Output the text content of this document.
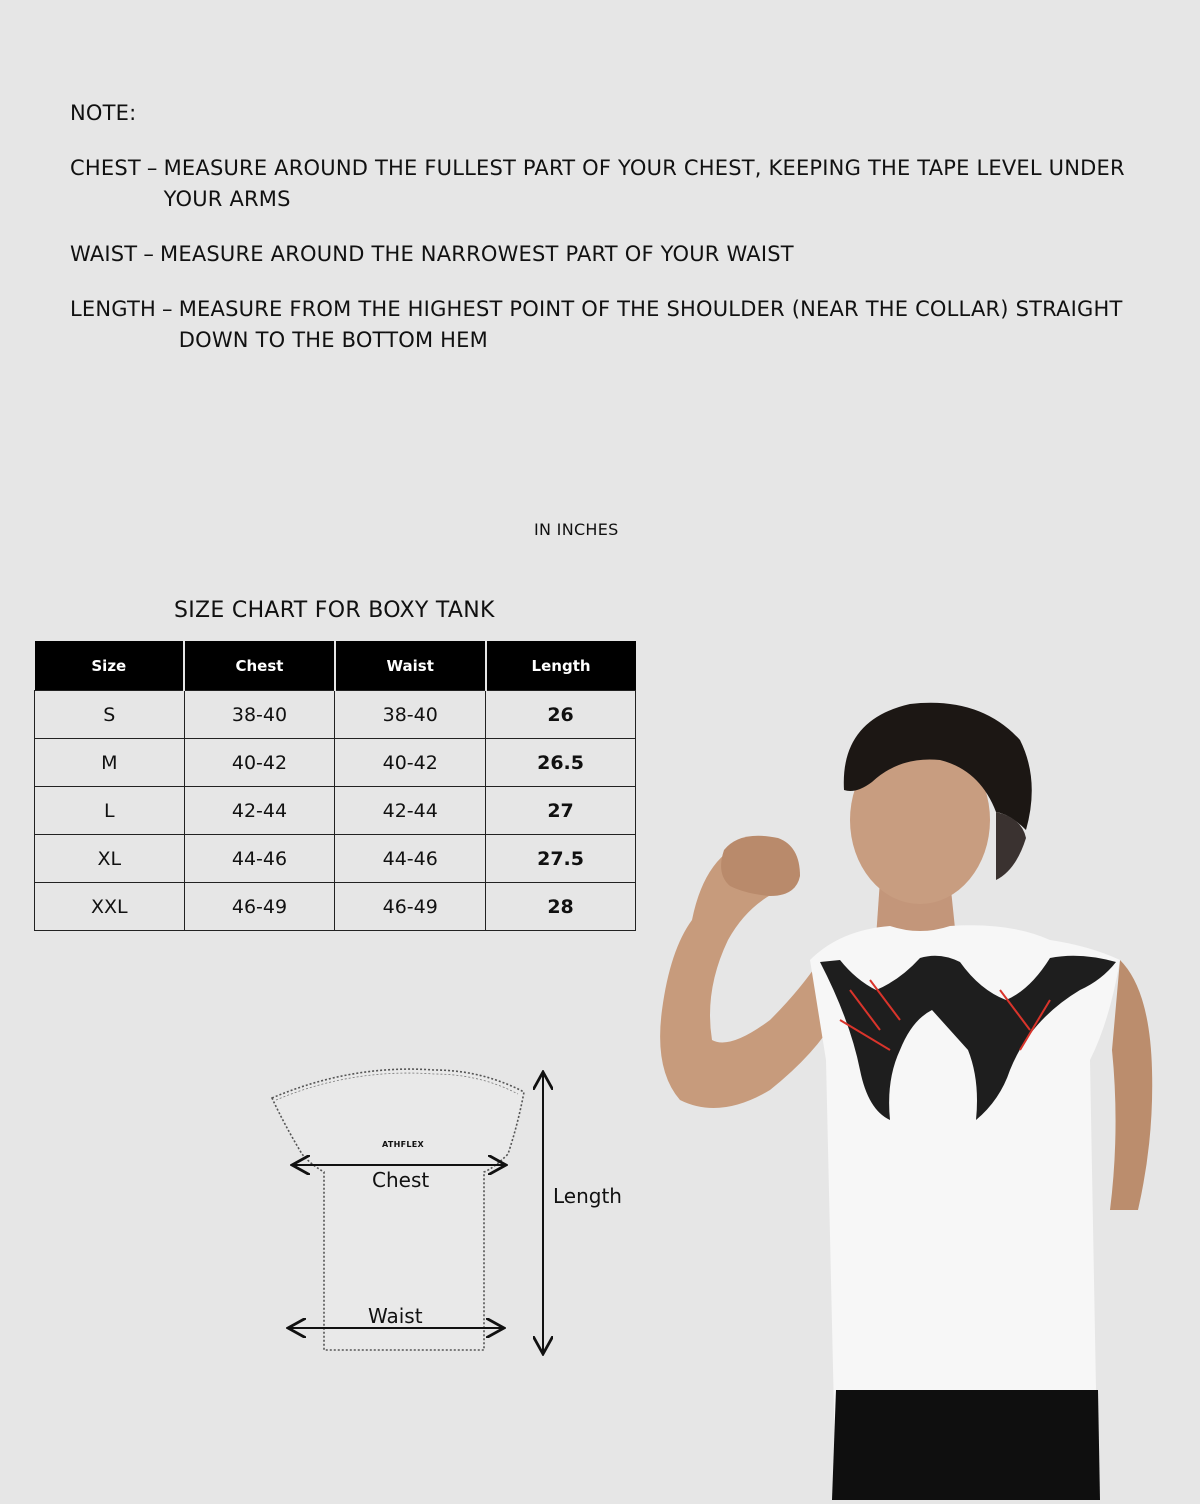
NOTE:
CHEST – MEASURE AROUND THE FULLEST PART OF YOUR CHEST, KEEPING THE TAPE LEVEL UNDER YOUR ARMS
WAIST – MEASURE AROUND THE NARROWEST PART OF YOUR WAIST
LENGTH – MEASURE FROM THE HIGHEST POINT OF THE SHOULDER (NEAR THE COLLAR) STRAIGHT DOWN TO THE BOTTOM HEM
IN INCHES
SIZE CHART FOR BOXY TANK
Size	Chest	Waist	Length
S	38-40	38-40	26
M	40-42	40-42	26.5
L	42-44	42-44	27
XL	44-46	44-46	27.5
XXL	46-49	46-49	28
ATHFLEX
Chest
Waist
Length
